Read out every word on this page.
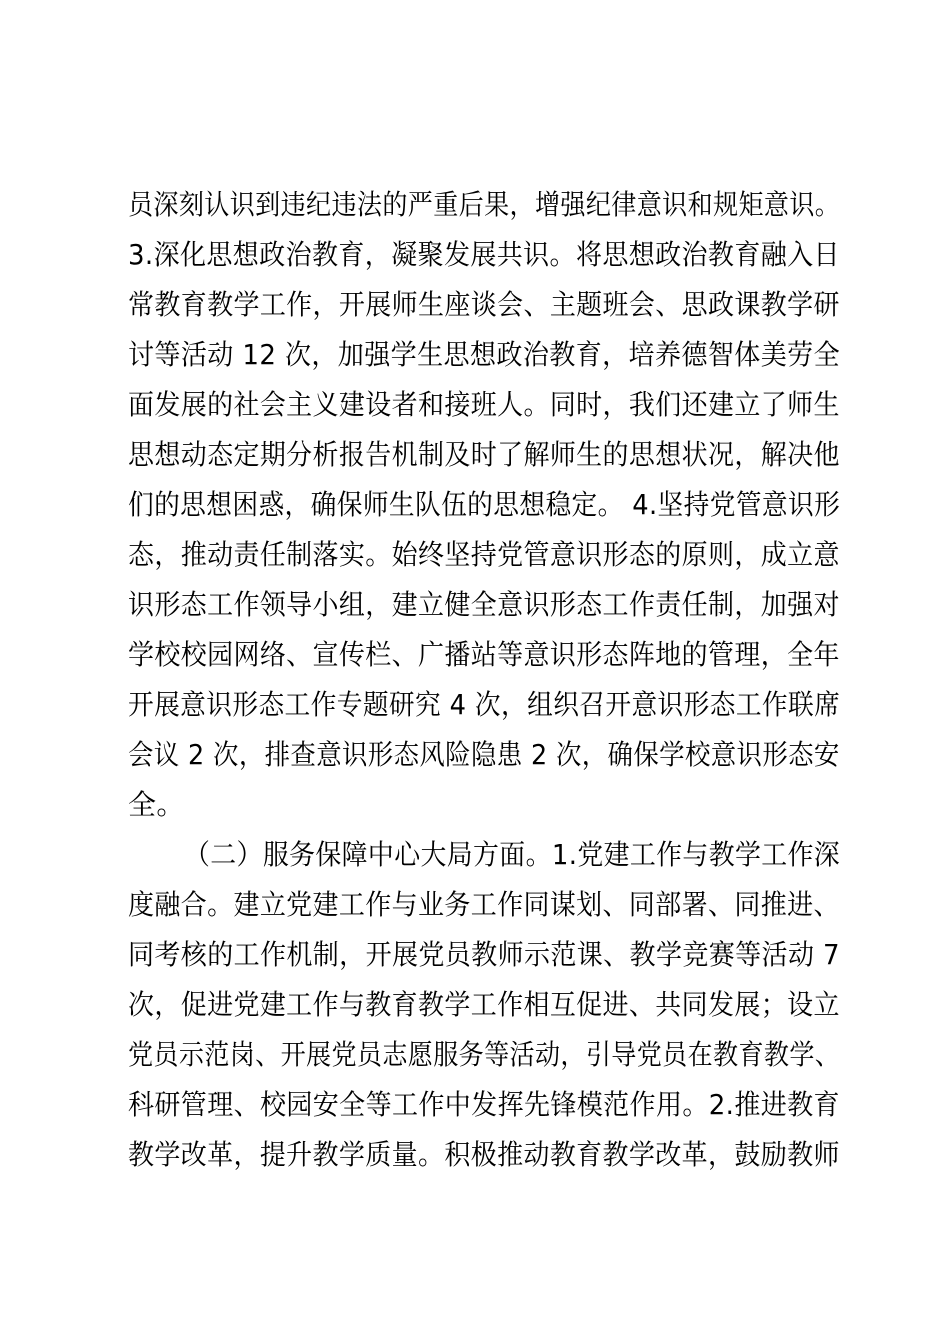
员深刻认识到违纪违法的严重后果，增强纪律意识和规矩意识。
3.深化思想政治教育，凝聚发展共识。将思想政治教育融入日
常教育教学工作，开展师生座谈会、主题班会、思政课教学研
讨等活动 12 次，加强学生思想政治教育，培养德智体美劳全
面发展的社会主义建设者和接班人。同时，我们还建立了师生
思想动态定期分析报告机制及时了解师生的思想状况，解决他
们的思想困惑，确保师生队伍的思想稳定。 4.坚持党管意识形
态，推动责任制落实。始终坚持党管意识形态的原则，成立意
识形态工作领导小组，建立健全意识形态工作责任制，加强对
学校校园网络、宣传栏、广播站等意识形态阵地的管理，全年
开展意识形态工作专题研究 4 次，组织召开意识形态工作联席
会议 2 次，排查意识形态风险隐患 2 次，确保学校意识形态安
全。
（二）服务保障中心大局方面。1.党建工作与教学工作深
度融合。建立党建工作与业务工作同谋划、同部署、同推进、
同考核的工作机制，开展党员教师示范课、教学竞赛等活动 7
次，促进党建工作与教育教学工作相互促进、共同发展；设立
党员示范岗、开展党员志愿服务等活动，引导党员在教育教学、
科研管理、校园安全等工作中发挥先锋模范作用。2.推进教育
教学改革，提升教学质量。积极推动教育教学改革，鼓励教师
